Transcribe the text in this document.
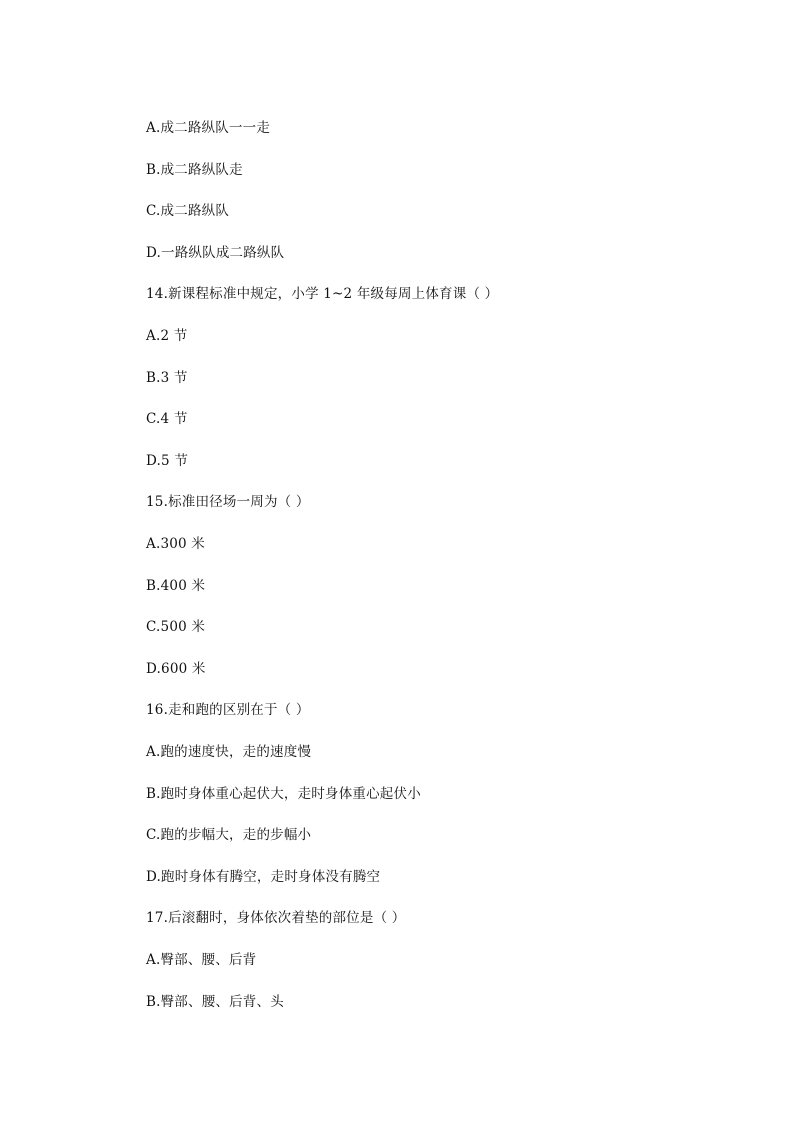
A.成二路纵队一一走
B.成二路纵队走
C.成二路纵队
D.一路纵队成二路纵队
14.新课程标准中规定，小学 1~2 年级每周上体育课（ ）
A.2 节
B.3 节
C.4 节
D.5 节
15.标准田径场一周为（ ）
A.300 米
B.400 米
C.500 米
D.600 米
16.走和跑的区别在于（ ）
A.跑的速度快，走的速度慢
B.跑时身体重心起伏大，走时身体重心起伏小
C.跑的步幅大，走的步幅小
D.跑时身体有腾空，走时身体没有腾空
17.后滚翻时，身体依次着垫的部位是（ ）
A.臀部、腰、后背
B.臀部、腰、后背、头
